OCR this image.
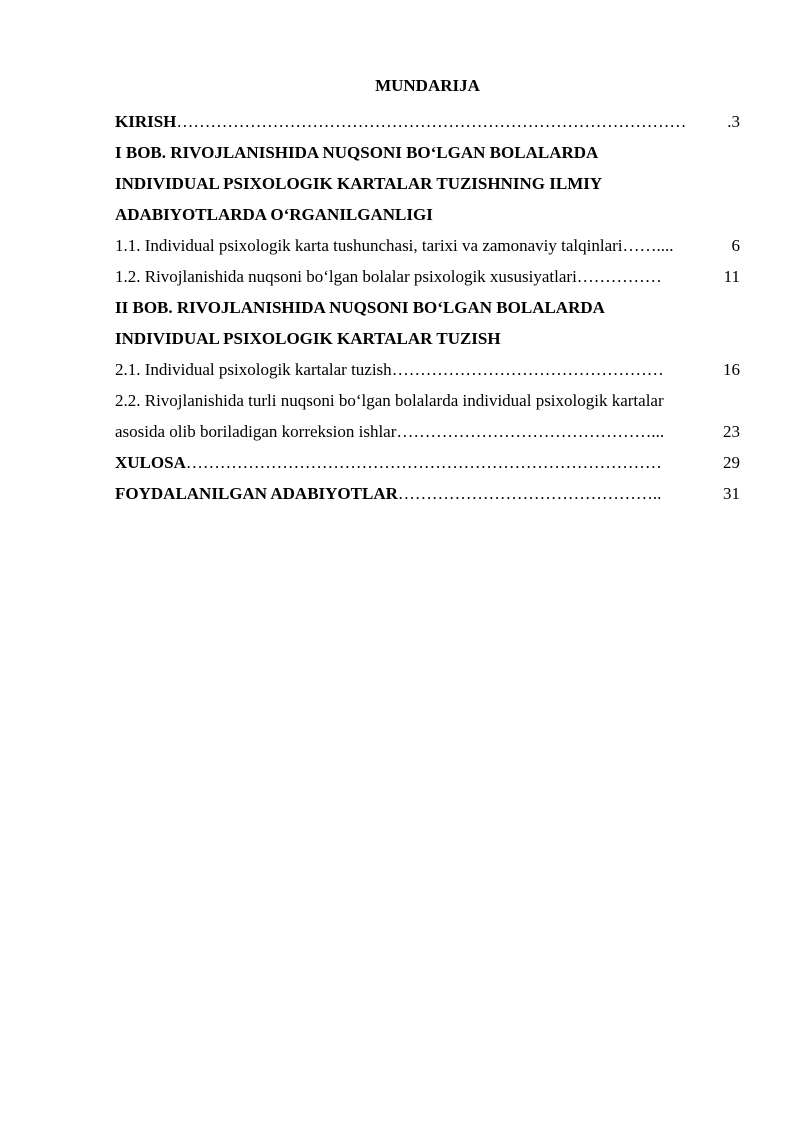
MUNDARIJA
KIRISH ………………………………………………………………………………	.3
I BOB. RIVOJLANISHIDA NUQSONI BO‘LGAN BOLALARDA
INDIVIDUAL PSIXOLOGIK KARTALAR TUZISHNING ILMIY
ADABIYOTLARDA O‘RGANILGANLIGI
1.1. Individual psixologik karta tushunchasi, tarixi va zamonaviy talqinlari ……....	6
1.2. Rivojlanishida nuqsoni bo‘lgan bolalar psixologik xususiyatlari ……………	11
II BOB. RIVOJLANISHIDA NUQSONI BO‘LGAN BOLALARDA
INDIVIDUAL PSIXOLOGIK KARTALAR TUZISH
2.1. Individual psixologik kartalar tuzish …………………………………………	16
2.2. Rivojlanishida turli nuqsoni bo‘lgan bolalarda individual psixologik kartalar
asosida olib boriladigan korreksion ishlar ………………………………………...	23
XULOSA …………………………………………………………………………	29
FOYDALANILGAN ADABIYOTLAR ………………………………………..	31
